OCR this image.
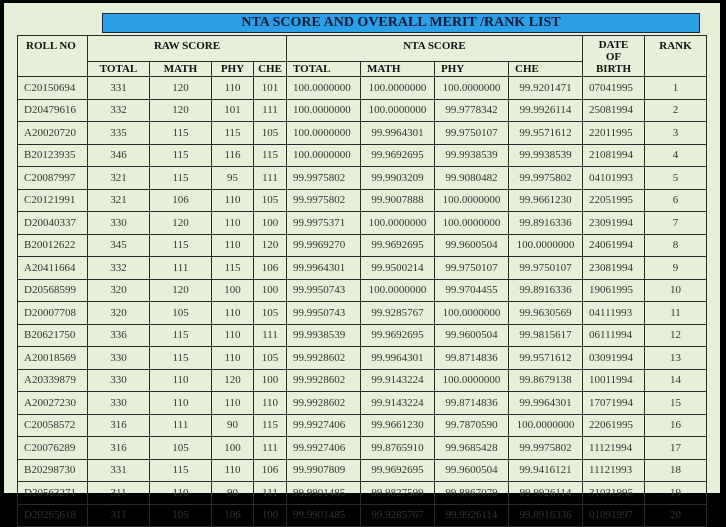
NTA SCORE AND OVERALL MERIT /RANK LIST
ROLL NO	RAW SCORE				NTA SCORE				DATE OF BIRTH	RANK
	TOTAL	MATH	PHY	CHE	TOTAL	MATH	PHY	CHE		
C20150694	331	120	110	101	100.0000000	100.0000000	100.0000000	99.9201471	07041995	1
D20479616	332	120	101	111	100.0000000	100.0000000	99.9778342	99.9926114	25081994	2
A20020720	335	115	115	105	100.0000000	99.9964301	99.9750107	99.9571612	22011995	3
B20123935	346	115	116	115	100.0000000	99.9692695	99.9938539	99.9938539	21081994	4
C20087997	321	115	95	111	99.9975802	99.9903209	99.9080482	99.9975802	04101993	5
C20121991	321	106	110	105	99.9975802	99.9007888	100.0000000	99.9661230	22051995	6
D20040337	330	120	110	100	99.9975371	100.0000000	100.0000000	99.8916336	23091994	7
B20012622	345	115	110	120	99.9969270	99.9692695	99.9600504	100.0000000	24061994	8
A20411664	332	111	115	106	99.9964301	99.9500214	99.9750107	99.9750107	23081994	9
D20568599	320	120	100	100	99.9950743	100.0000000	99.9704455	99.8916336	19061995	10
D20007708	320	105	110	105	99.9950743	99.9285767	100.0000000	99.9630569	04111993	11
B20621750	336	115	110	111	99.9938539	99.9692695	99.9600504	99.9815617	06111994	12
A20018569	330	115	110	105	99.9928602	99.9964301	99.8714836	99.9571612	03091994	13
A20339879	330	110	120	100	99.9928602	99.9143224	100.0000000	99.8679138	10011994	14
A20027230	330	110	110	110	99.9928602	99.9143224	99.8714836	99.9964301	17071994	15
C20058572	316	111	90	115	99.9927406	99.9661230	99.7870590	100.0000000	22061995	16
C20076289	316	105	100	111	99.9927406	99.8765910	99.9685428	99.9975802	11121994	17
B20298730	331	115	110	106	99.9907809	99.9692695	99.9600504	99.9416121	11121993	18
D20563271	311	110	90	111	99.9901485	99.9827599	99.8867079	99.9926114	31031995	19
D20265618	311	105	106	100	99.9901485	99.9285767	99.9926114	99.8916336	01091997	20
